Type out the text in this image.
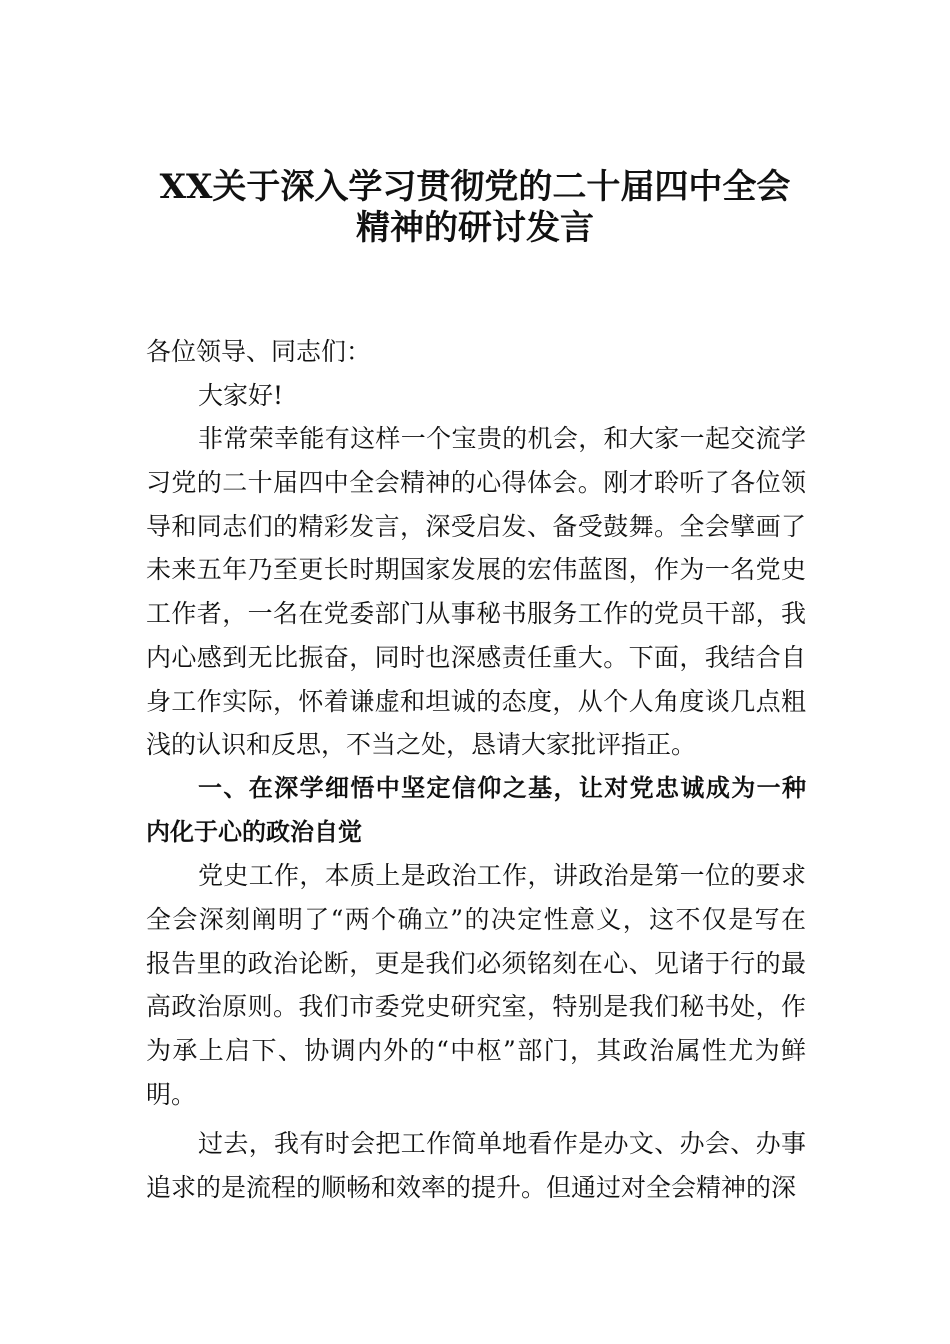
XX关于深入学习贯彻党的二十届四中全会
精神的研讨发言
各位领导、同志们：
大家好!
非常荣幸能有这样一个宝贵的机会，和大家一起交流学
习党的二十届四中全会精神的心得体会。刚才聆听了各位领
导和同志们的精彩发言，深受启发、备受鼓舞。全会擘画了
未来五年乃至更长时期国家发展的宏伟蓝图，作为一名党史
工作者，一名在党委部门从事秘书服务工作的党员干部，我
内心感到无比振奋，同时也深感责任重大。下面，我结合自
身工作实际，怀着谦虚和坦诚的态度，从个人角度谈几点粗
浅的认识和反思，不当之处，恳请大家批评指正。
一、在深学细悟中坚定信仰之基，让对党忠诚成为一种
内化于心的政治自觉
党史工作，本质上是政治工作，讲政治是第一位的要求
全会深刻阐明了“两个确立”的决定性意义，这不仅是写在
报告里的政治论断，更是我们必须铭刻在心、见诸于行的最
高政治原则。我们市委党史研究室，特别是我们秘书处，作
为承上启下、协调内外的“中枢”部门，其政治属性尤为鲜
明。
过去，我有时会把工作简单地看作是办文、办会、办事
追求的是流程的顺畅和效率的提升。但通过对全会精神的深
